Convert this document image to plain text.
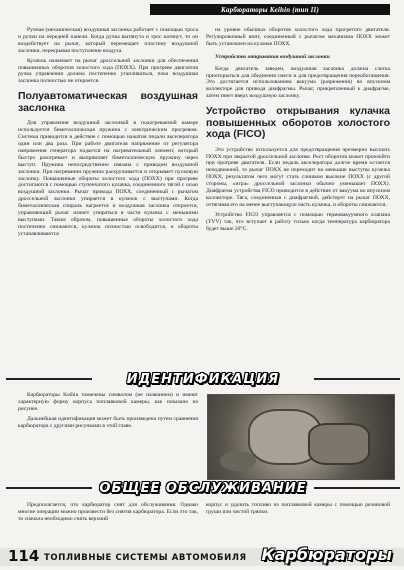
Карбюраторы Keihin (тип II)

Ручная (механическая) воздушная заслонка работает с помощью троса и ручки на передней панели. Когда ручка вытянута и трос натянут, то он воздействует на рычаг, который перемещает пластину воздушной заслонки, перекрывая поступление воздуха.

Кулачок нажимает на рычаг дроссельной заслонки для обеспечения повышенных оборотов холостого хода (ПОХХ). При прогреве двигателя ручка управления должна постепенно утапливаться, пока воздушная заслонка полностью не откроется.

Полуавтоматическая воздушная заслонка

Для управления воздушной заслонкой в подогреваемой камере используется биметаллическая пружина с электрическим прогревом. Система приводится в действие с помощью нажатия педали акселератора один или два раза. При работе двигателя напряжение от регулятора напряжения генератора подается на нагревательный элемент, который быстро разогревает и выпрямляет биметаллическую пружину через выступ. Пружина непосредственно связана с приводом воздушной заслонки. При нагревании пружина раскручивается и открывает пусковую заслонку. Повышенные обороты холостого хода (ПОХХ) при прогреве достигаются с помощью ступенчатого кулачка, соединенного тягой с осью воздушной заслонки. Рычаг привода ПОХХ, соединенный с рычагом дроссельной заслонки упирается в кулачок с выступами. Когда биметаллическая спираль нагреется и воздушная заслонка откроется, управляющий рычаг начнет упираться в части кулачка с меньшими выступами. Таким образом, повышенные обороты холостого хода постепенно снижаются, кулачок полностью освободится, и обороты устанавливаются

на уровне обычных оборотов холостого хода прогретого двигателя. Регулировочный винт, соединенный с рычагом механизма ПОХХ может быть установлен на кулачке ПОХХ.

Устройство открывания воздушной заслонки

Когда двигатель заведен, воздушная заслонка должна слегка приоткрыться для обеднения смеси и для предотвращения переобогащения. Это достигается использованием вакуума (разрежения) во впускном коллекторе для привода диафрагмы. Рычаг, прикрепленный к диафрагме, затем тянет вверх воздушную заслонку.

Устройство открывания кулачка повышенных оборотов холостого хода (FICO)

Это устройство используется для предотвращения чрезмерно высоких ПОХХ при закрытой дроссельной заслонке. Рост оборотов может произойти при прогреве двигателя. Если педаль акселератора долгое время остается неподвижной, то рычаг ПОХХ не переходит на меньшие выступы кулачка ПОХХ, результатом чего могут стать слишком высокие ПОХХ (с другой стороны, «игра» дроссельной заслонки обычно уменьшает ПОХХ). Диафрагма устройства FICO приводится в действие от вакуума во впускном коллекторе. Тяга, соединенная с диафрагмой, действует на рычаг ПОХХ, оттягивая его на менее выступающую часть кулачка, и обороты снижаются.

Устройство FICO управляется с помощью термовакуумного клапана (TVV) так, что вступает в работу только когда температура карбюратора будет выше 20°C.

ИДЕНТИФИКАЦИЯ

Карбюраторы Keihin помечены символом (не названием) и имеют характерную форму корпуса поплавковой камеры, как показано на рисунке.

Дальнейшая идентификация может быть произведена путем сравнения карбюратора с другими рисунками в этой главе.

ОБЩЕЕ ОБСЛУЖИВАНИЕ

Предполагается, что карбюратор снят для обслуживания. Однако многие операции можно произвести без снятия карбюратора. Если это так, то сначала необходимо снять верхний

корпус и удалить топливо из поплавковой камеры с помощью резиновой груши или чистой тряпки.

114 ТОПЛИВНЫЕ СИСТЕМЫ АВТОМОБИЛЯ Карбюраторы
